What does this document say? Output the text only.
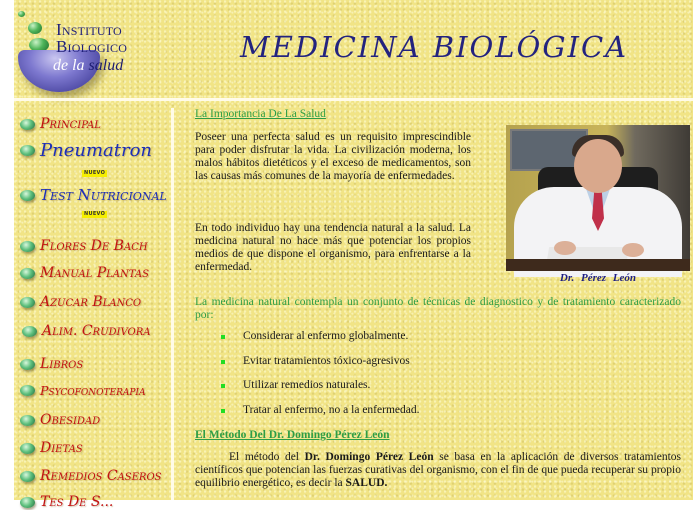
Instituto
Biologico
de la salud
MEDICINA BIOLÓGICA
Principal
Pneumatron
NUEVO
Test Nutricional
NUEVO
Flores De Bach
Manual Plantas
Azucar Blanco
Alim. Crudivora
Libros
Psycofonoterapia
Obesidad
Dietas
Remedios Caseros
Tes De S...
La Importancia De La Salud

Poseer una perfecta salud es un requisito imprescindible para poder disfrutar la vida. La civilización moderna, los malos hábitos dietéticos y el exceso de medicamentos, son las causas más comunes de la mayoría de enfermedades.

En todo individuo hay una tendencia natural a la salud. La medicina natural no hace más que potenciar los propios medios de que dispone el organismo, para enfrentarse a la enfermedad.

Dr. Pérez León

La medicina natural contempla un conjunto de técnicas de diagnostico y de tratamiento caracterizado por:

Considerar al enfermo globalmente.
Evitar tratamientos tóxico-agresivos
Utilizar remedios naturales.
Tratar al enfermo, no a la enfermedad.
El Método Del Dr. Domingo Pérez León

El método del Dr. Domingo Pérez León se basa en la aplicación de diversos tratamientos científicos que potencian las fuerzas curativas del organismo, con el fin de que pueda recuperar su propio equilibrio energético, es decir la SALUD.
